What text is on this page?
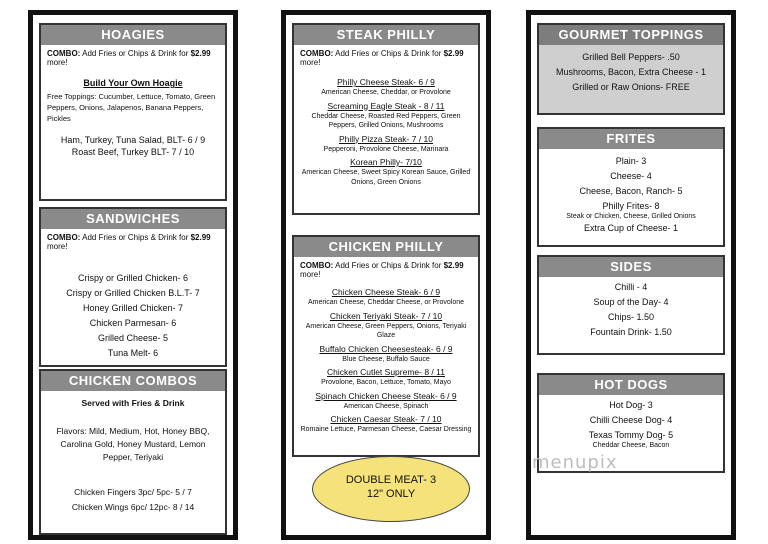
HOAGIES
COMBO: Add Fries or Chips & Drink for $2.99 more!
Build Your Own Hoagie
Free Toppings: Cucumber, Lettuce, Tomato, Green Peppers, Onions, Jalapenos, Banana Peppers, Pickles
Ham, Turkey, Tuna Salad, BLT- 6 / 9
Roast Beef, Turkey BLT- 7 / 10
SANDWICHES
COMBO: Add Fries or Chips & Drink for $2.99 more!
Crispy or Grilled Chicken- 6
Crispy or Grilled Chicken B.L.T- 7
Honey Grilled Chicken- 7
Chicken Parmesan- 6
Grilled Cheese- 5
Tuna Melt- 6
CHICKEN COMBOS
Served with Fries & Drink
Flavors: Mild, Medium, Hot, Honey BBQ, Carolina Gold, Honey Mustard, Lemon Pepper, Teriyaki
Chicken Fingers 3pc/ 5pc- 5 / 7
Chicken Wings 6pc/ 12pc- 8 / 14
STEAK PHILLY
COMBO: Add Fries or Chips & Drink for $2.99 more!
Philly Cheese Steak- 6 / 9
American Cheese, Cheddar, or Provolone
Screaming Eagle Steak - 8 / 11
Cheddar Cheese, Roasted Red Peppers, Green Peppers, Grilled Onions, Mushrooms
Philly Pizza Steak- 7 / 10
Pepperoni, Provolone Cheese, Marinara
Korean Philly- 7/10
American Cheese, Sweet Spicy Korean Sauce, Grilled Onions, Green Onions
CHICKEN PHILLY
COMBO: Add Fries or Chips & Drink for $2.99 more!
Chicken Cheese Steak- 6 / 9
American Cheese, Cheddar Cheese, or Provolone
Chicken Teriyaki Steak- 7 / 10
American Cheese, Green Peppers, Onions, Teriyaki Glaze
Buffalo Chicken Cheesesteak- 6 / 9
Blue Cheese, Buffalo Sauce
Chicken Cutlet Supreme- 8 / 11
Provolone, Bacon, Lettuce, Tomato, Mayo
Spinach Chicken Cheese Steak- 6 / 9
American Cheese, Spinach
Chicken Caesar Steak- 7 / 10
Romaine Lettuce, Parmesan Cheese, Caesar Dressing
DOUBLE MEAT- 3
12" ONLY
GOURMET TOPPINGS
Grilled Bell Peppers- .50
Mushrooms, Bacon, Extra Cheese - 1
Grilled or Raw Onions- FREE
FRITES
Plain- 3
Cheese- 4
Cheese, Bacon, Ranch- 5
Philly Frites- 8
Steak or Chicken, Cheese, Grilled Onions
Extra Cup of Cheese- 1
SIDES
Chilli - 4
Soup of the Day- 4
Chips- 1.50
Fountain Drink- 1.50
HOT DOGS
Hot Dog- 3
Chilli Cheese Dog- 4
Texas Tommy Dog- 5
Cheddar Cheese, Bacon
menupix
